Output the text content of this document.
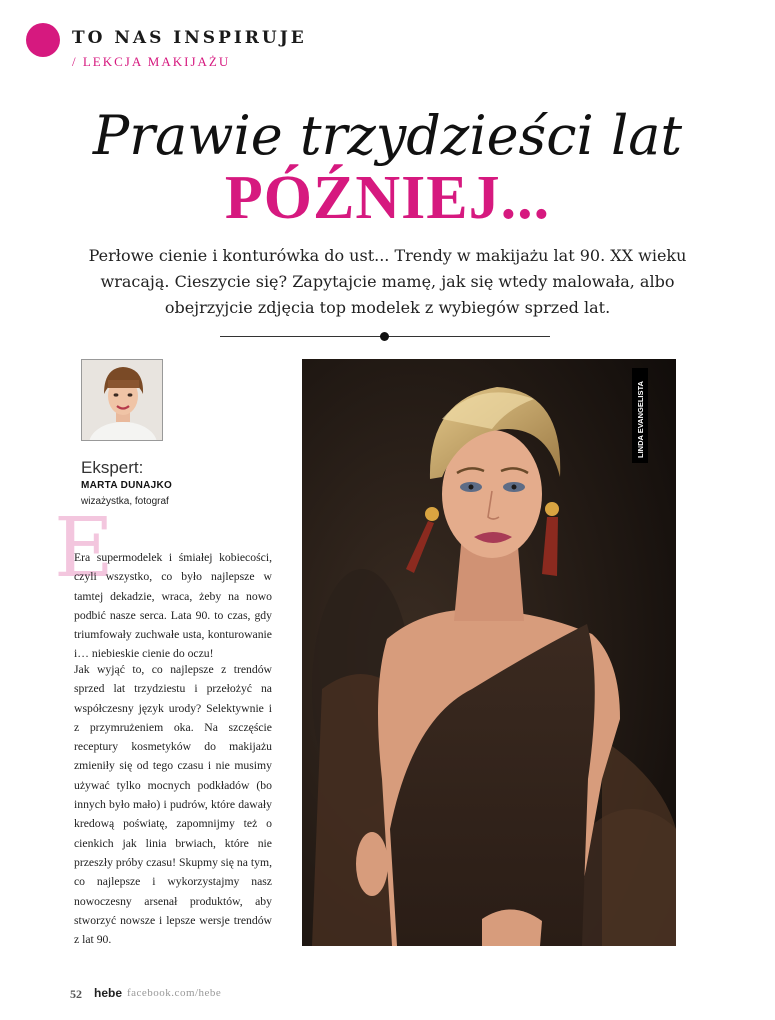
TO NAS INSPIRUJE
/ LEKCJA MAKIJAŻU
Prawie trzydzieści lat
PÓŹNIEJ...
Perłowe cienie i konturówka do ust... Trendy w makijażu lat 90. XX wieku wracają. Cieszycie się? Zapytajcie mamę, jak się wtedy malowała, albo obejrzyjcie zdjęcia top modelek z wybiegów sprzed lat.
Ekspert:
MARTA DUNAJKO
wizażystka, fotograf
E
Era supermodelek i śmiałej kobiecości, czyli wszystko, co było najlepsze w tamtej dekadzie, wraca, żeby na nowo podbić nasze serca. Lata 90. to czas, gdy triumfowały zuchwałe usta, konturowanie i… niebieskie cienie do oczu!
Jak wyjąć to, co najlepsze z trendów sprzed lat trzydziestu i przełożyć na współczesny język urody? Selektywnie i z przymrużeniem oka. Na szczęście receptury kosmetyków do makijażu zmieniły się od tego czasu i nie musimy używać tylko mocnych podkładów (bo innych było mało) i pudrów, które dawały kredową poświatę, zapomnijmy też o cienkich jak linia brwiach, które nie przeszły próby czasu! Skupmy się na tym, co najlepsze i wykorzystajmy nasz nowoczesny arsenał produktów, aby stworzyć nowsze i lepsze wersje trendów z lat 90.
LINDA EVANGELISTA
52 hebe facebook.com/hebe
